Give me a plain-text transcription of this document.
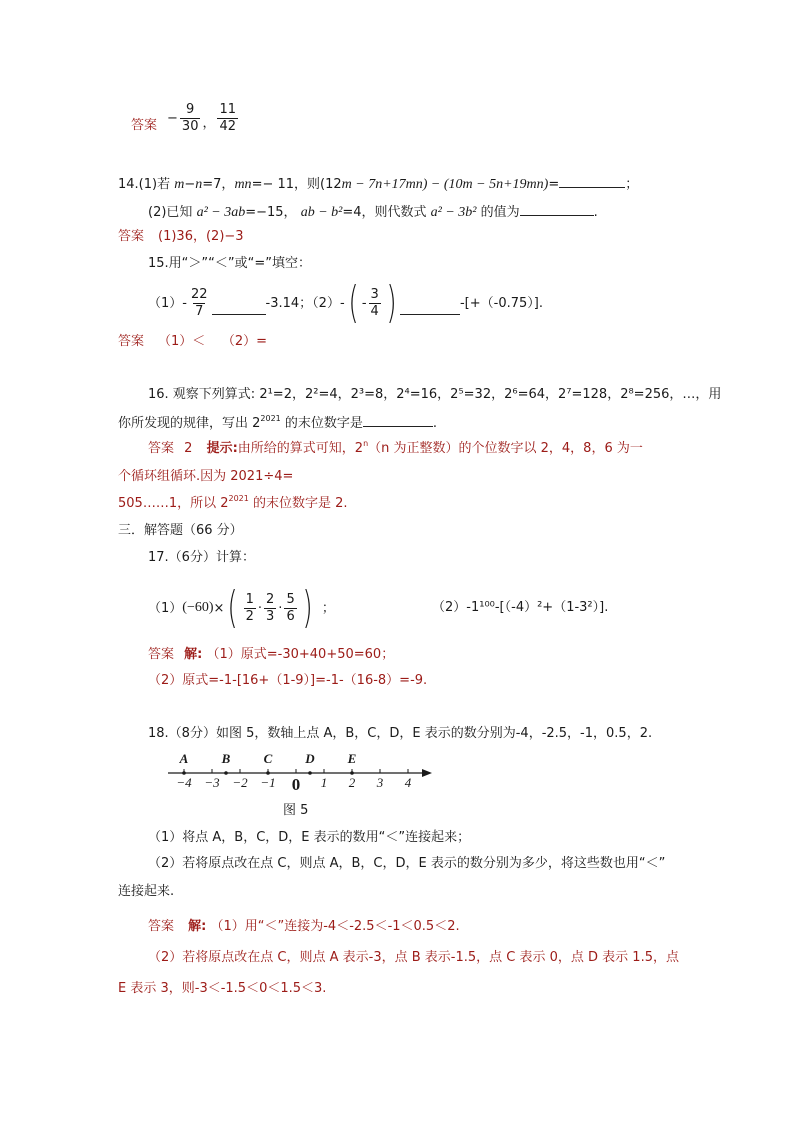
答案 − $\frac{9}{30}$ ， $\frac{11}{42}$
14.(1)若 m−n=7，mn=− 11，则(12m − 7n+17mn) − (10m − 5n+19mn)=	；
(2)已知 a² − 3ab=−15， ab − b²=4，则代数式 a² − 3b² 的值为	.
答案 (1)36，(2)−3
15.用“＞”“＜”或“=”填空：
$(1) - \frac{22}{7}$	-3.14；（2） - ( - $\frac{3}{4}$ )	-[+（-0.75）].
答案 （1）＜    （2）=
16. 观察下列算式: 2¹=2，2²=4，2³=8，2⁴=16，2⁵=32，2⁶=64，2⁷=128，2⁸=256，…，用
你所发现的规律，写出 $2^{2021}$ 的末位数字是	.
答案 2 提示:由所给的算式可知，2$^n$（n 为正整数）的个位数字以 2，4，8，6 为一
个循环组循环.因为 2021÷4=
505……1，所以 $2^{2021}$ 的末位数字是 2.
三．解答题（66 分）
17.（6分）计算：
（1） (−60) × ( $\frac{1}{2} \cdot \frac{2}{3} \cdot \frac{5}{6}$ ) ；	（2）-1¹⁰⁰-[（-4）²+（1-3²）].
答案 解: （1）原式=-30+40+50=60；
（2）原式=-1-[16+（1-9）]=-1-（16-8）=-9.
18.（8分）如图 5，数轴上点 A，B，C，D，E 表示的数分别为-4，-2.5，-1，0.5，2.
−4 −3 −2 −1 0 1 2 3 4
A	B	C	D	E
图 5
（1）将点 A，B，C，D，E 表示的数用“＜”连接起来；
（2）若将原点改在点 C，则点 A，B，C，D，E 表示的数分别为多少，将这些数也用“＜”
连接起来.
答案 解: （1）用“＜”连接为-4＜-2.5＜-1＜0.5＜2.
（2）若将原点改在点 C，则点 A 表示-3，点 B 表示-1.5，点 C 表示 0，点 D 表示 1.5，点
E 表示 3，则-3＜-1.5＜0＜1.5＜3.
